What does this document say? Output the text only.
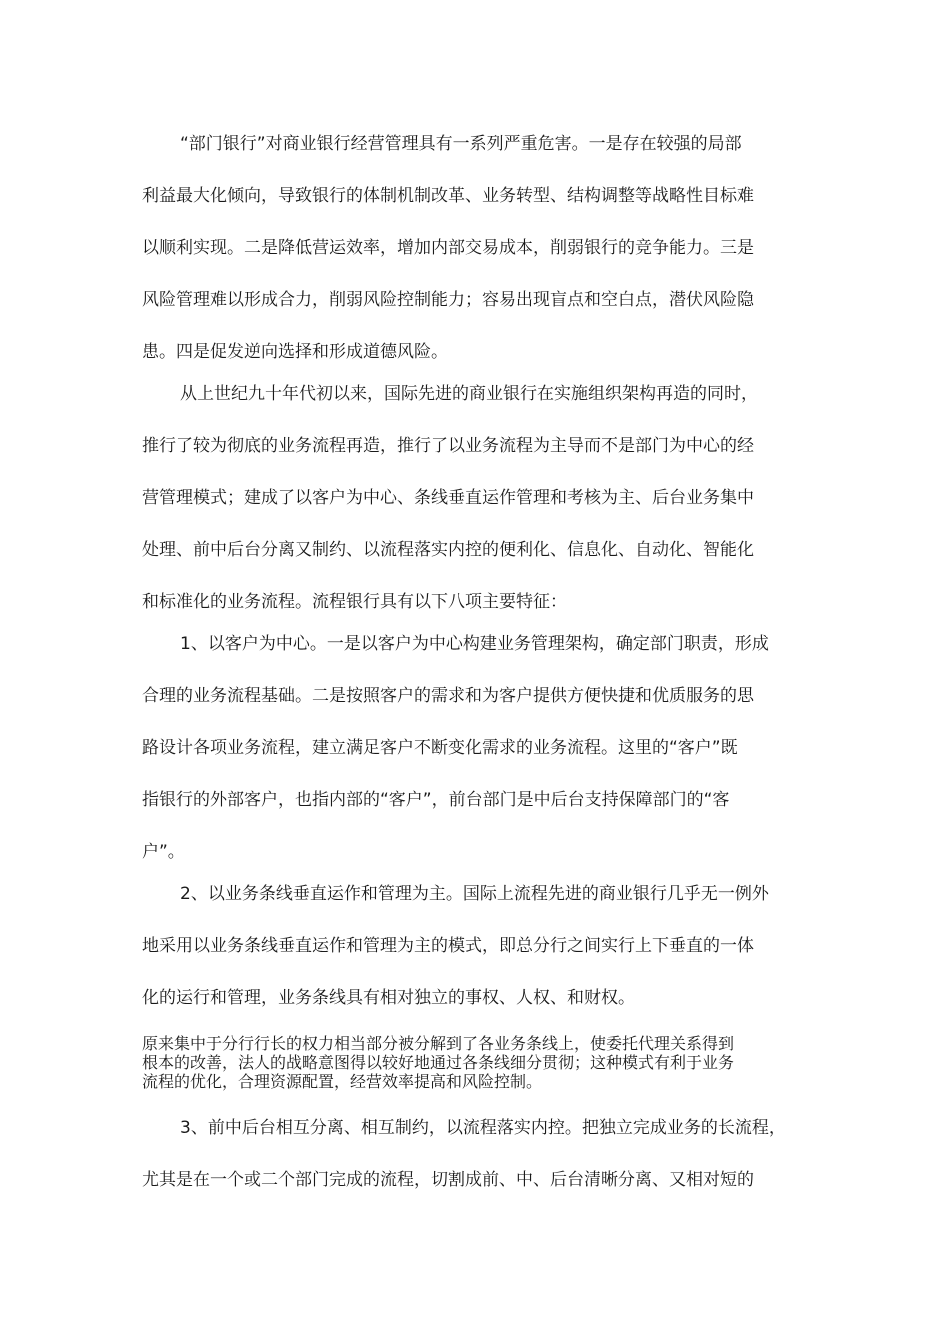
“部门银行”对商业银行经营管理具有一系列严重危害。一是存在较强的局部
利益最大化倾向，导致银行的体制机制改革、业务转型、结构调整等战略性目标难
以顺利实现。二是降低营运效率，增加内部交易成本，削弱银行的竞争能力。三是
风险管理难以形成合力，削弱风险控制能力；容易出现盲点和空白点，潜伏风险隐
患。四是促发逆向选择和形成道德风险。
从上世纪九十年代初以来，国际先进的商业银行在实施组织架构再造的同时，
推行了较为彻底的业务流程再造，推行了以业务流程为主导而不是部门为中心的经
营管理模式；建成了以客户为中心、条线垂直运作管理和考核为主、后台业务集中
处理、前中后台分离又制约、以流程落实内控的便利化、信息化、自动化、智能化
和标准化的业务流程。流程银行具有以下八项主要特征：
1、以客户为中心。一是以客户为中心构建业务管理架构，确定部门职责，形成
合理的业务流程基础。二是按照客户的需求和为客户提供方便快捷和优质服务的思
路设计各项业务流程，建立满足客户不断变化需求的业务流程。这里的“客户”既
指银行的外部客户，也指内部的“客户”，前台部门是中后台支持保障部门的“客
户”。
2、以业务条线垂直运作和管理为主。国际上流程先进的商业银行几乎无一例外
地采用以业务条线垂直运作和管理为主的模式，即总分行之间实行上下垂直的一体
化的运行和管理，业务条线具有相对独立的事权、人权、和财权。
原来集中于分行行长的权力相当部分被分解到了各业务条线上，使委托代理关系得到
根本的改善，法人的战略意图得以较好地通过各条线细分贯彻；这种模式有利于业务
流程的优化，合理资源配置，经营效率提高和风险控制。
3、前中后台相互分离、相互制约，以流程落实内控。把独立完成业务的长流程，
尤其是在一个或二个部门完成的流程，切割成前、中、后台清晰分离、又相对短的
